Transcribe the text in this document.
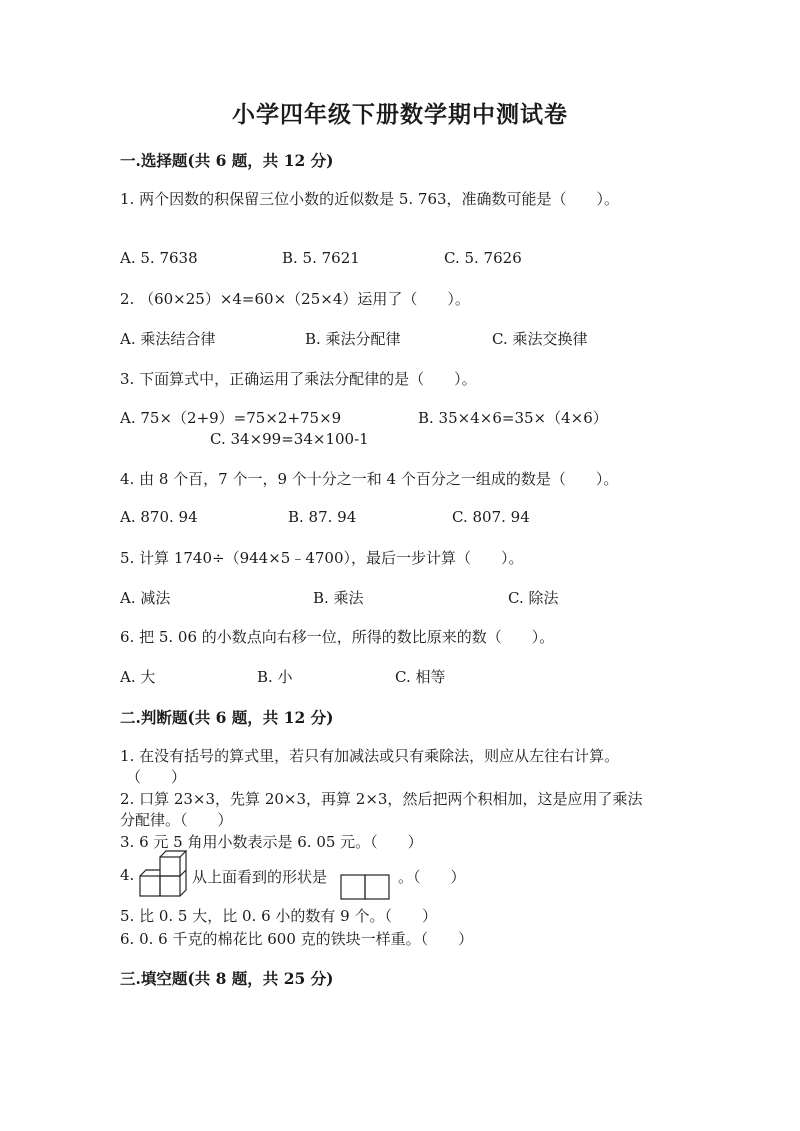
小学四年级下册数学期中测试卷
一.选择题(共 6 题，共 12 分)
1. 两个因数的积保留三位小数的近似数是 5. 763，准确数可能是（　　）。
A. 5. 7638	B. 5. 7621	C. 5. 7626
2. （60×25）×4=60×（25×4）运用了（　　）。
A. 乘法结合律	B. 乘法分配律	C. 乘法交换律
3. 下面算式中，正确运用了乘法分配律的是（　　）。
A. 75×（2+9）=75×2+75×9	B. 35×4×6=35×（4×6）
C. 34×99=34×100-1
4. 由 8 个百，7 个一，9 个十分之一和 4 个百分之一组成的数是（　　）。
A. 870. 94	B. 87. 94	C. 807. 94
5. 计算 1740÷（944×5﹣4700），最后一步计算（　　）。
A. 减法	B. 乘法	C. 除法
6. 把 5. 06 的小数点向右移一位，所得的数比原来的数（　　）。
A. 大	B. 小	C. 相等
二.判断题(共 6 题，共 12 分)
1. 在没有括号的算式里，若只有加减法或只有乘除法，则应从左往右计算。
（　　）
2. 口算 23×3，先算 20×3，再算 2×3，然后把两个积相加，这是应用了乘法
分配律。（　　）
3. 6 元 5 角用小数表示是 6. 05 元。（　　）
4.	从上面看到的形状是	。（　　）
5. 比 0. 5 大，比 0. 6 小的数有 9 个。（　　）
6. 0. 6 千克的棉花比 600 克的铁块一样重。（　　）
三.填空题(共 8 题，共 25 分)
